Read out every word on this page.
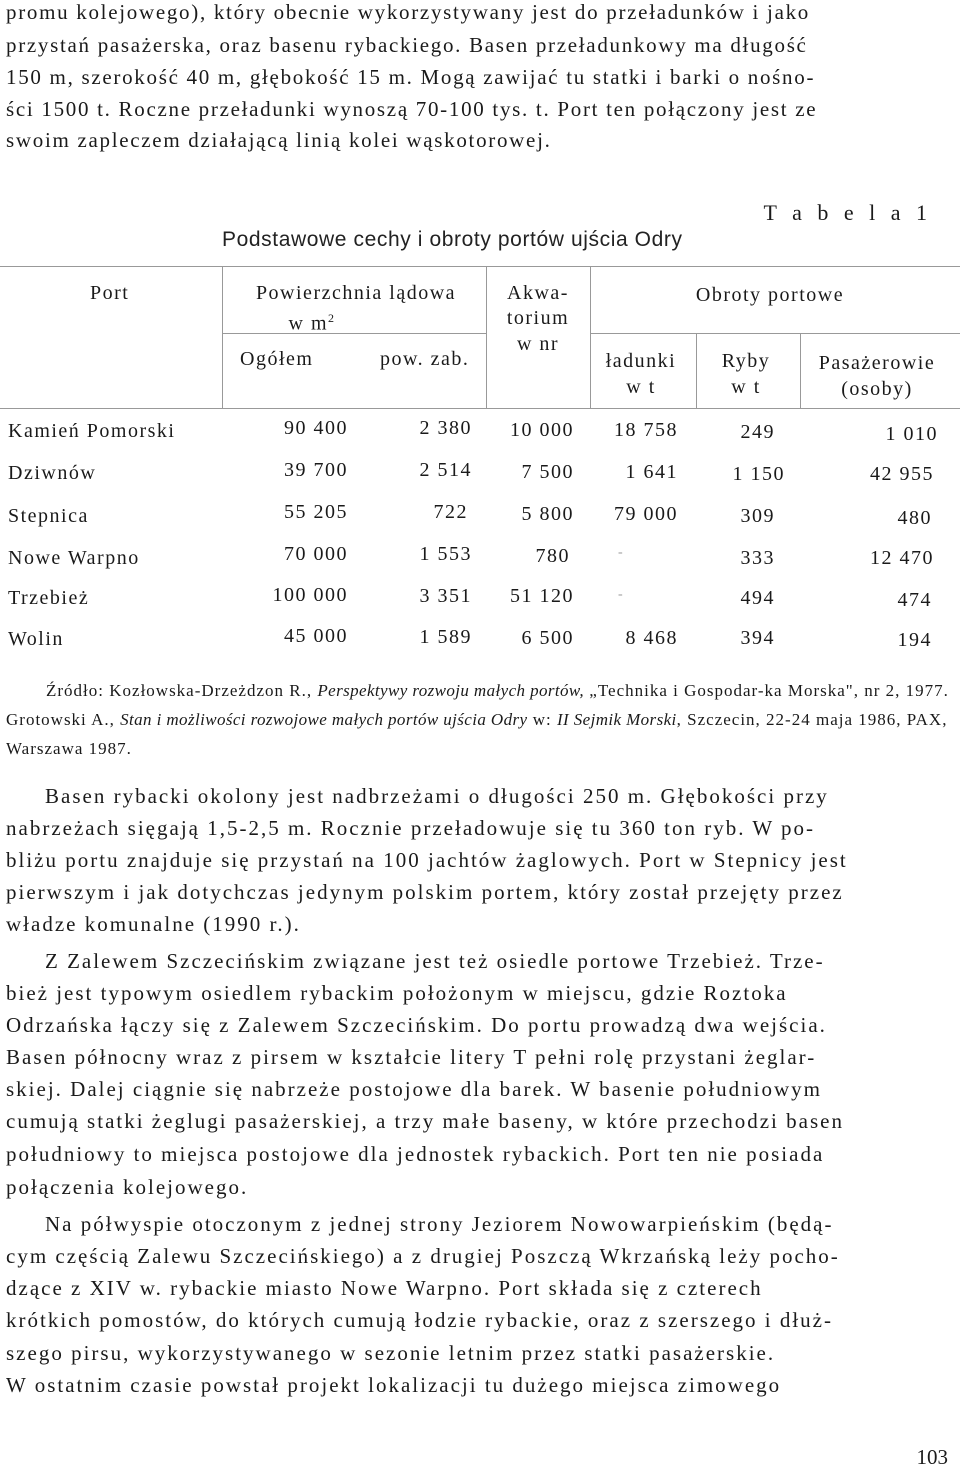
promu kolejowego), który obecnie wykorzystywany jest do przeładunków i jako
przystań pasażerska, oraz basenu rybackiego. Basen przeładunkowy ma długość
150 m, szerokość 40 m, głębokość 15 m. Mogą zawijać tu statki i barki o nośno-
ści 1500 t. Roczne przeładunki wynoszą 70-100 tys. t. Port ten połączony jest ze
swoim zapleczem działającą linią kolei wąskotorowej.
T a b e l a 1
Podstawowe cechy i obroty portów ujścia Odry
Port	Powierzchnia lądowa
w $m^2$
Ogółem	pow. zab.
Akwa-
torium
w nr
Obroty portowe
ładunki
w t
Ryby
w t
Pasażerowie
(osoby)
Kamień Pomorski	90 400	2 380	10 000	18 758	249	1 010
Dziwnów	39 700	2 514	7 500	1 641	1 150	42 955
Stepnica	55 205	722	5 800	79 000	309	480
Nowe Warpno	70 000	1 553	780	-	333	12 470
Trzebież	100 000	3 351	51 120	-	494	474
Wolin	45 000	1 589	6 500	8 468	394	194
Źródło: Kozłowska-Drzeżdzon R., Perspektywy rozwoju małych portów, „Technika i Gospodar-ka Morska", nr 2, 1977. Grotowski A., Stan i możliwości rozwojowe małych portów ujścia Odry w: II Sejmik Morski, Szczecin, 22-24 maja 1986, PAX, Warszawa 1987.
Basen rybacki okolony jest nadbrzeżami o długości 250 m. Głębokości przy
nabrzeżach sięgają 1,5-2,5 m. Rocznie przeładowuje się tu 360 ton ryb. W po-
bliżu portu znajduje się przystań na 100 jachtów żaglowych. Port w Stepnicy jest
pierwszym i jak dotychczas jedynym polskim portem, który został przejęty przez
władze komunalne (1990 r.).
Z Zalewem Szczecińskim związane jest też osiedle portowe Trzebież. Trze-
bież jest typowym osiedlem rybackim położonym w miejscu, gdzie Roztoka
Odrzańska łączy się z Zalewem Szczecińskim. Do portu prowadzą dwa wejścia.
Basen północny wraz z pirsem w kształcie litery T pełni rolę przystani żeglar-
skiej. Dalej ciągnie się nabrzeże postojowe dla barek. W basenie południowym
cumują statki żeglugi pasażerskiej, a trzy małe baseny, w które przechodzi basen
południowy to miejsca postojowe dla jednostek rybackich. Port ten nie posiada
połączenia kolejowego.
Na półwyspie otoczonym z jednej strony Jeziorem Nowowarpieńskim (będą-
cym częścią Zalewu Szczecińskiego) a z drugiej Poszczą Wkrzańską leży pocho-
dzące z XIV w. rybackie miasto Nowe Warpno. Port składa się z czterech
krótkich pomostów, do których cumują łodzie rybackie, oraz z szerszego i dłuż-
szego pirsu, wykorzystywanego w sezonie letnim przez statki pasażerskie.
W ostatnim czasie powstał projekt lokalizacji tu dużego miejsca zimowego
103
